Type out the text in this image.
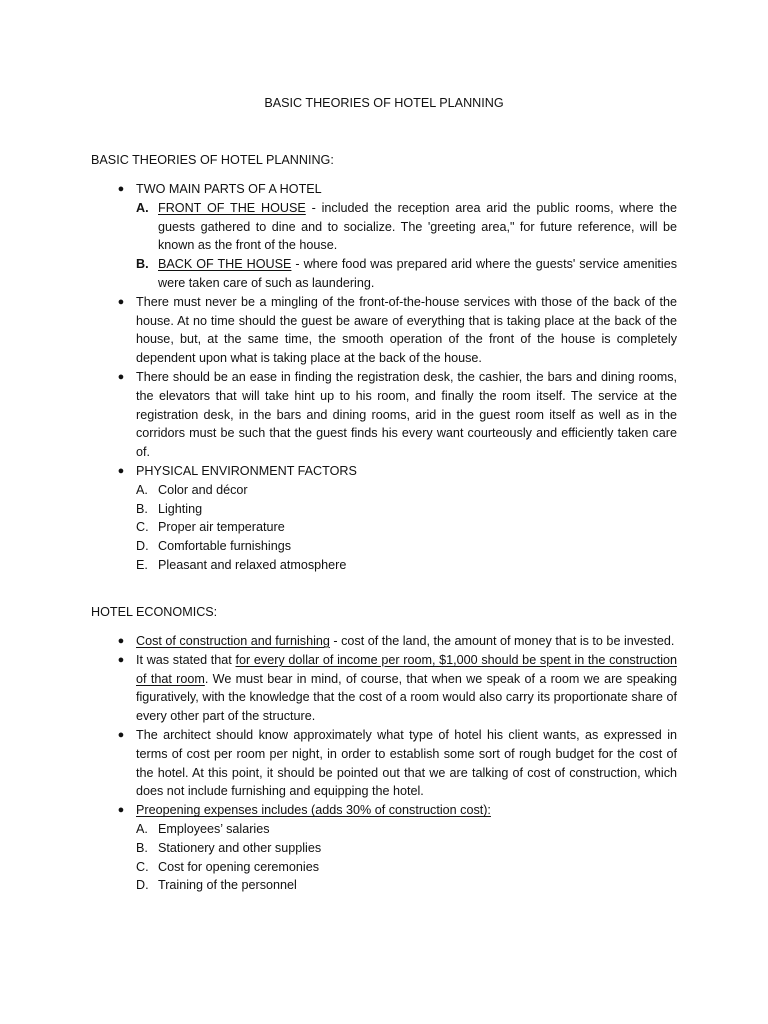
BASIC THEORIES OF HOTEL PLANNING
BASIC THEORIES OF HOTEL PLANNING:
● TWO MAIN PARTS OF A HOTEL
A. FRONT OF THE HOUSE - included the reception area arid the public rooms, where the guests gathered to dine and to socialize. The 'greeting area," for future reference, will be known as the front of the house.
B. BACK OF THE HOUSE - where food was prepared arid where the guests' service amenities were taken care of such as laundering.
● There must never be a mingling of the front-of-the-house services with those of the back of the house. At no time should the guest be aware of everything that is taking place at the back of the house, but, at the same time, the smooth operation of the front of the house is completely dependent upon what is taking place at the back of the house.
● There should be an ease in finding the registration desk, the cashier, the bars and dining rooms, the elevators that will take hint up to his room, and finally the room itself. The service at the registration desk, in the bars and dining rooms, arid in the guest room itself as well as in the corridors must be such that the guest finds his every want courteously and efficiently taken care of.
● PHYSICAL ENVIRONMENT FACTORS
A. Color and décor
B. Lighting
C. Proper air temperature
D. Comfortable furnishings
E. Pleasant and relaxed atmosphere
HOTEL ECONOMICS:
● Cost of construction and furnishing - cost of the land, the amount of money that is to be invested.
● It was stated that for every dollar of income per room, $1,000 should be spent in the construction of that room. We must bear in mind, of course, that when we speak of a room we are speaking figuratively, with the knowledge that the cost of a room would also carry its proportionate share of every other part of the structure.
● The architect should know approximately what type of hotel his client wants, as expressed in terms of cost per room per night, in order to establish some sort of rough budget for the cost of the hotel. At this point, it should be pointed out that we are talking of cost of construction, which does not include furnishing and equipping the hotel.
● Preopening expenses includes (adds 30% of construction cost):
A. Employees’ salaries
B. Stationery and other supplies
C. Cost for opening ceremonies
D. Training of the personnel
